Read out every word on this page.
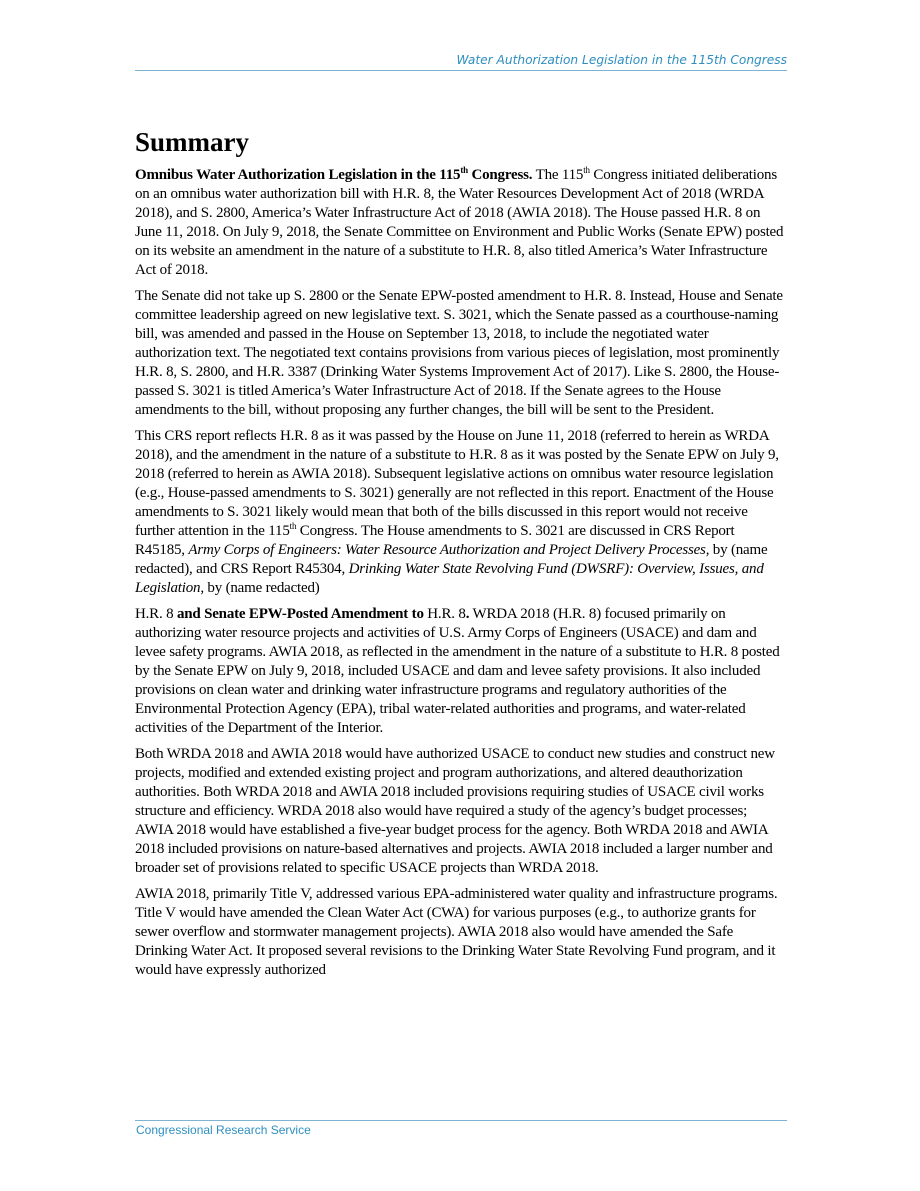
Water Authorization Legislation in the 115th Congress
Summary

Omnibus Water Authorization Legislation in the 115th Congress. The 115th Congress initiated deliberations on an omnibus water authorization bill with H.R. 8, the Water Resources Development Act of 2018 (WRDA 2018), and S. 2800, America’s Water Infrastructure Act of 2018 (AWIA 2018). The House passed H.R. 8 on June 11, 2018. On July 9, 2018, the Senate Committee on Environment and Public Works (Senate EPW) posted on its website an amendment in the nature of a substitute to H.R. 8, also titled America’s Water Infrastructure Act of 2018.

The Senate did not take up S. 2800 or the Senate EPW-posted amendment to H.R. 8. Instead, House and Senate committee leadership agreed on new legislative text. S. 3021, which the Senate passed as a courthouse-naming bill, was amended and passed in the House on September 13, 2018, to include the negotiated water authorization text. The negotiated text contains provisions from various pieces of legislation, most prominently H.R. 8, S. 2800, and H.R. 3387 (Drinking Water Systems Improvement Act of 2017). Like S. 2800, the House-passed S. 3021 is titled America’s Water Infrastructure Act of 2018. If the Senate agrees to the House amendments to the bill, without proposing any further changes, the bill will be sent to the President.

This CRS report reflects H.R. 8 as it was passed by the House on June 11, 2018 (referred to herein as WRDA 2018), and the amendment in the nature of a substitute to H.R. 8 as it was posted by the Senate EPW on July 9, 2018 (referred to herein as AWIA 2018). Subsequent legislative actions on omnibus water resource legislation (e.g., House-passed amendments to S. 3021) generally are not reflected in this report. Enactment of the House amendments to S. 3021 likely would mean that both of the bills discussed in this report would not receive further attention in the 115th Congress. The House amendments to S. 3021 are discussed in CRS Report R45185, Army Corps of Engineers: Water Resource Authorization and Project Delivery Processes, by (name redacted), and CRS Report R45304, Drinking Water State Revolving Fund (DWSRF): Overview, Issues, and Legislation, by (name redacted)

H.R. 8 and Senate EPW-Posted Amendment to H.R. 8. WRDA 2018 (H.R. 8) focused primarily on authorizing water resource projects and activities of U.S. Army Corps of Engineers (USACE) and dam and levee safety programs. AWIA 2018, as reflected in the amendment in the nature of a substitute to H.R. 8 posted by the Senate EPW on July 9, 2018, included USACE and dam and levee safety provisions. It also included provisions on clean water and drinking water infrastructure programs and regulatory authorities of the Environmental Protection Agency (EPA), tribal water-related authorities and programs, and water-related activities of the Department of the Interior.

Both WRDA 2018 and AWIA 2018 would have authorized USACE to conduct new studies and construct new projects, modified and extended existing project and program authorizations, and altered deauthorization authorities. Both WRDA 2018 and AWIA 2018 included provisions requiring studies of USACE civil works structure and efficiency. WRDA 2018 also would have required a study of the agency’s budget processes; AWIA 2018 would have established a five-year budget process for the agency. Both WRDA 2018 and AWIA 2018 included provisions on nature-based alternatives and projects. AWIA 2018 included a larger number and broader set of provisions related to specific USACE projects than WRDA 2018.

AWIA 2018, primarily Title V, addressed various EPA-administered water quality and infrastructure programs. Title V would have amended the Clean Water Act (CWA) for various purposes (e.g., to authorize grants for sewer overflow and stormwater management projects). AWIA 2018 also would have amended the Safe Drinking Water Act. It proposed several revisions to the Drinking Water State Revolving Fund program, and it would have expressly authorized

Congressional Research Service
